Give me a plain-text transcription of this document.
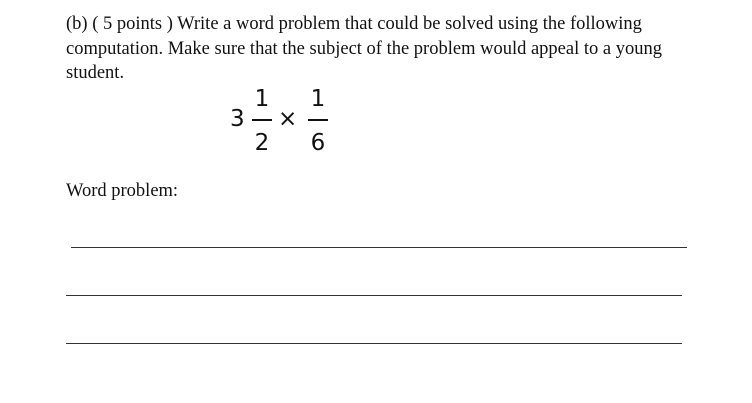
(b) ( 5 points ) Write a word problem that could be solved using the following computation. Make sure that the subject of the problem would appeal to a young student.
3
1
2
×
1
6
Word problem:
